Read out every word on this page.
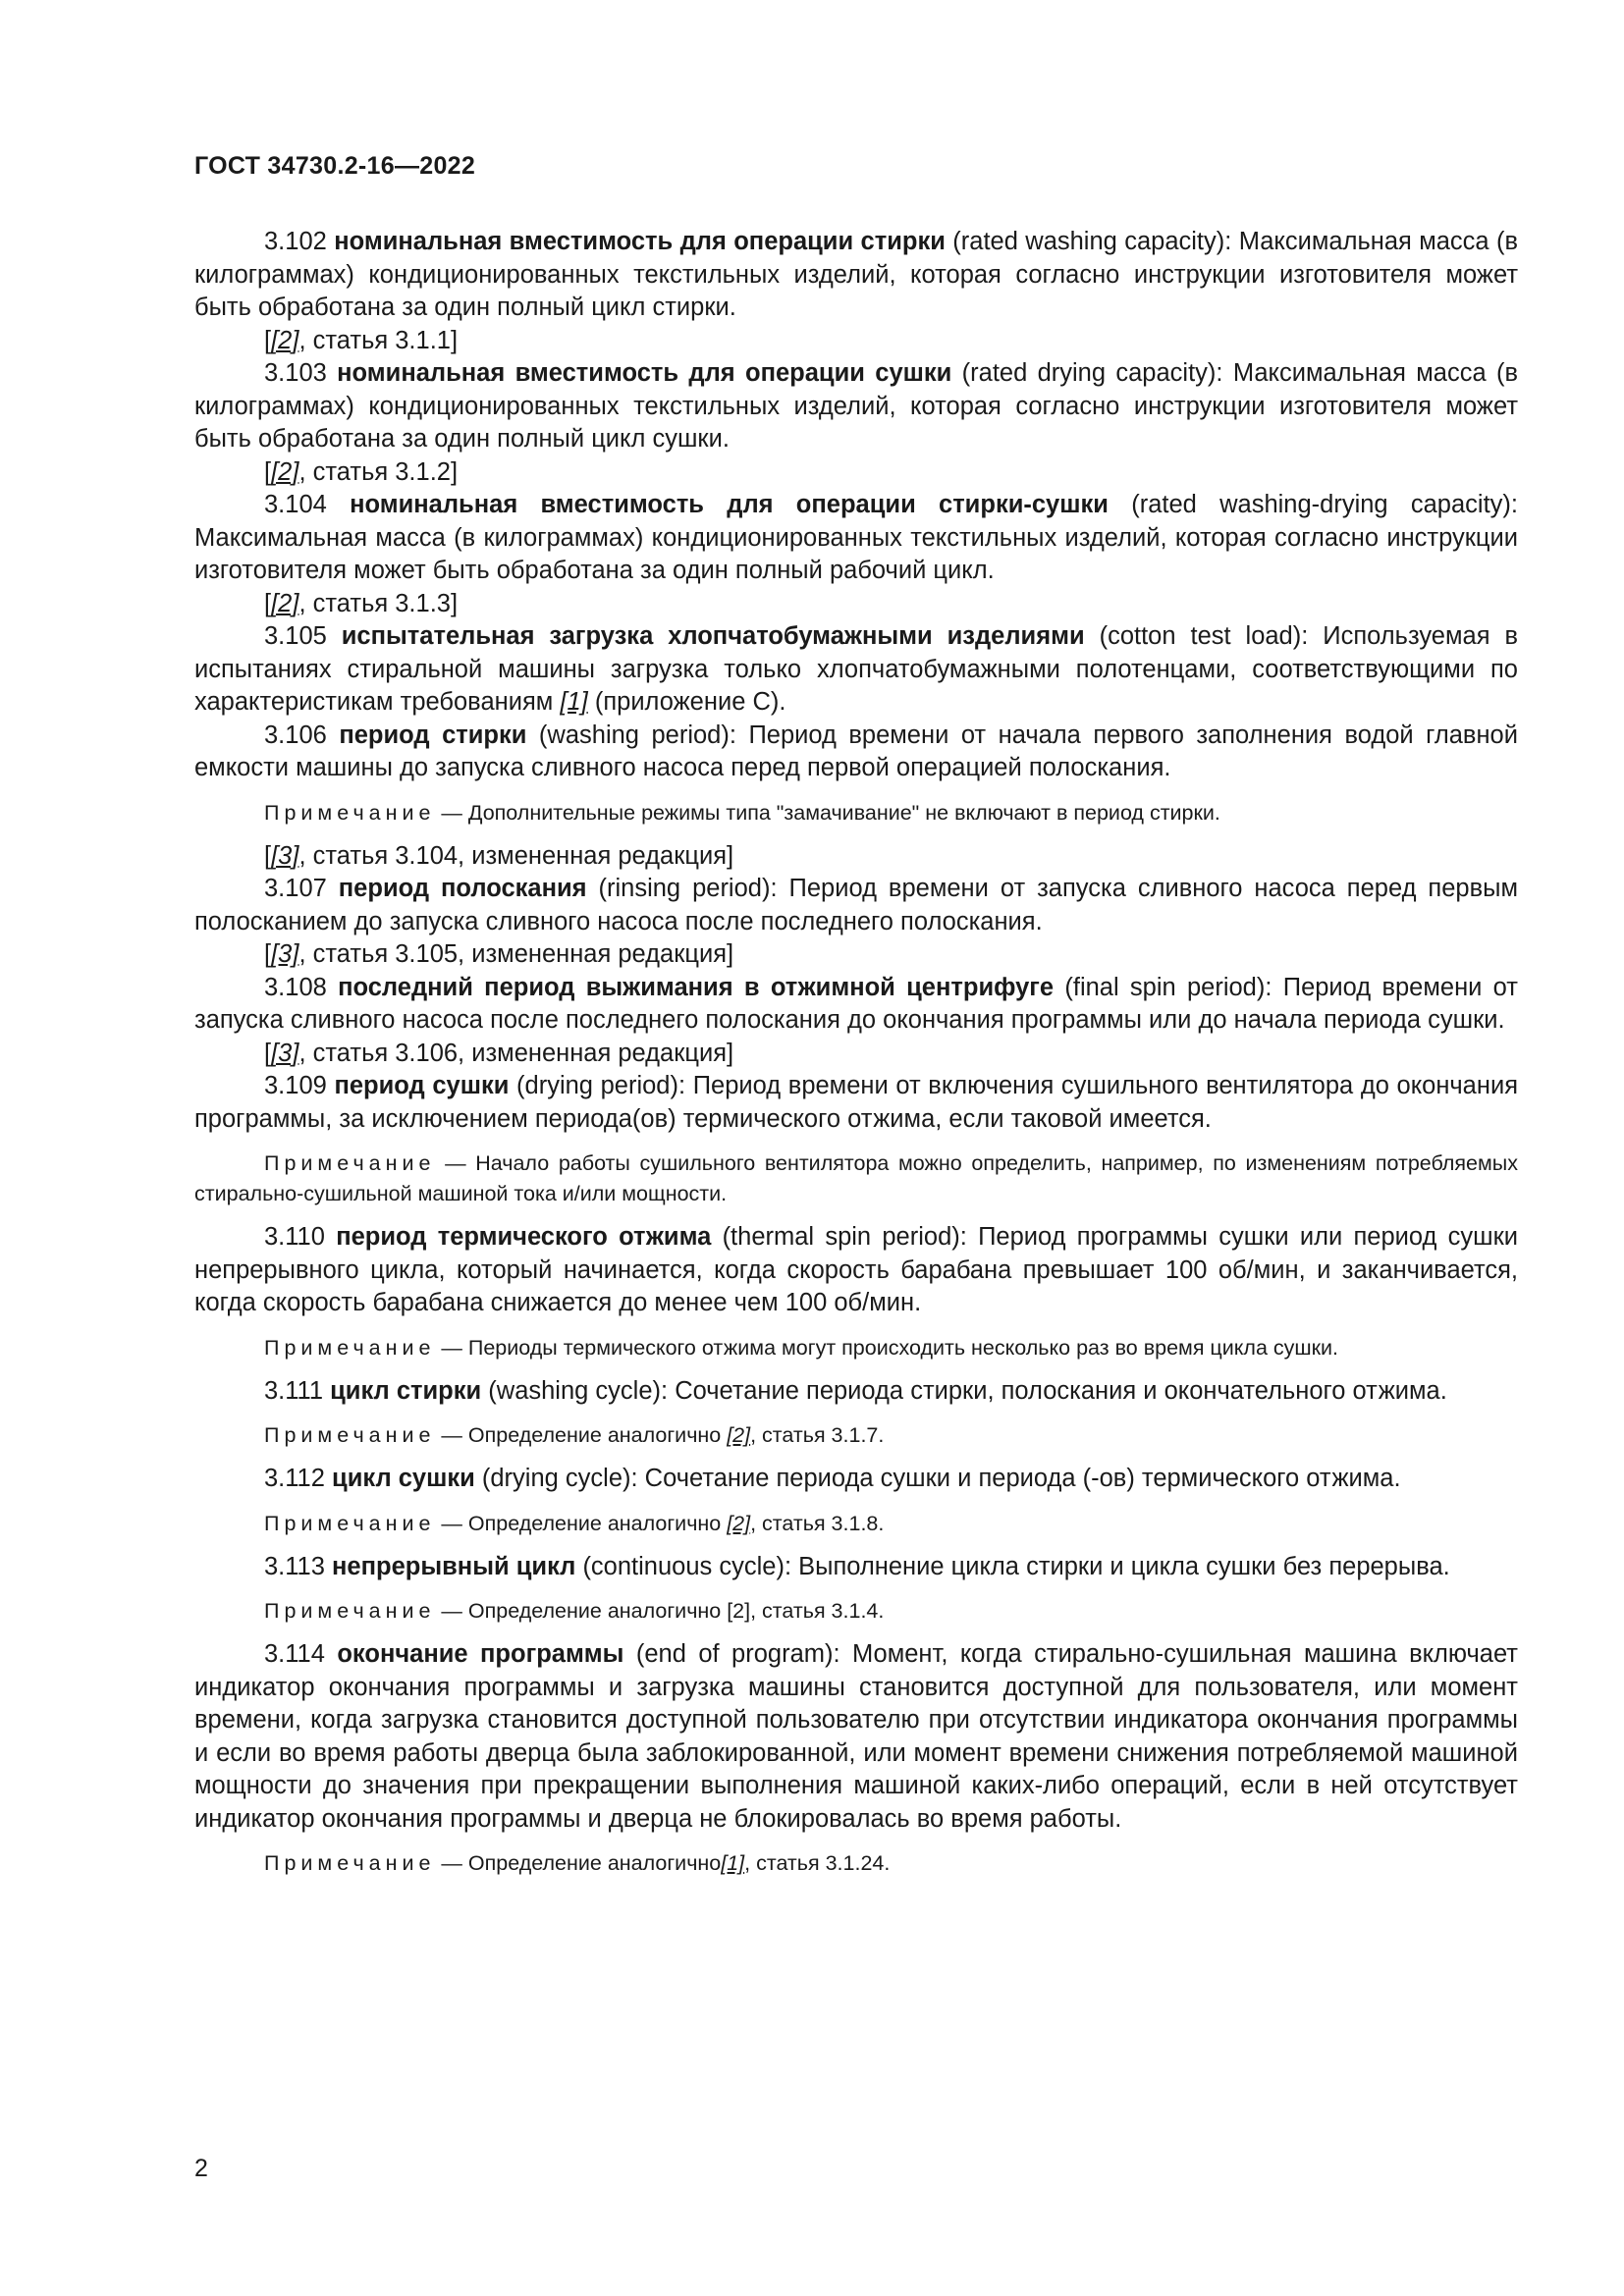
ГОСТ 34730.2-16—2022

3.102 номинальная вместимость для операции стирки (rated washing capacity): Максимальная масса (в килограммах) кондиционированных текстильных изделий, которая согласно инструкции изготовителя может быть обработана за один полный цикл стирки.

[[2], статья 3.1.1]

3.103 номинальная вместимость для операции сушки (rated drying capacity): Максимальная масса (в килограммах) кондиционированных текстильных изделий, которая согласно инструкции изготовителя может быть обработана за один полный цикл сушки.

[[2], статья 3.1.2]

3.104 номинальная вместимость для операции стирки-сушки (rated washing-drying capacity): Максимальная масса (в килограммах) кондиционированных текстильных изделий, которая согласно инструкции изготовителя может быть обработана за один полный рабочий цикл.

[[2], статья 3.1.3]

3.105 испытательная загрузка хлопчатобумажными изделиями (cotton test load): Используемая в испытаниях стиральной машины загрузка только хлопчатобумажными полотенцами, соответствующими по характеристикам требованиям [1] (приложение С).

3.106 период стирки (washing period): Период времени от начала первого заполнения водой главной емкости машины до запуска сливного насоса перед первой операцией полоскания.

Примечание — Дополнительные режимы типа "замачивание" не включают в период стирки.

[[3], статья 3.104, измененная редакция]

3.107 период полоскания (rinsing period): Период времени от запуска сливного насоса перед первым полосканием до запуска сливного насоса после последнего полоскания.

[[3], статья 3.105, измененная редакция]

3.108 последний период выжимания в отжимной центрифуге (final spin period): Период времени от запуска сливного насоса после последнего полоскания до окончания программы или до начала периода сушки.

[[3], статья 3.106, измененная редакция]

3.109 период сушки (drying period): Период времени от включения сушильного вентилятора до окончания программы, за исключением периода(ов) термического отжима, если таковой имеется.

Примечание — Начало работы сушильного вентилятора можно определить, например, по изменениям потребляемых стирально-сушильной машиной тока и/или мощности.

3.110 период термического отжима (thermal spin period): Период программы сушки или период сушки непрерывного цикла, который начинается, когда скорость барабана превышает 100 об/мин, и заканчивается, когда скорость барабана снижается до менее чем 100 об/мин.

Примечание — Периоды термического отжима могут происходить несколько раз во время цикла сушки.

3.111 цикл стирки (washing cycle): Сочетание периода стирки, полоскания и окончательного отжима.

Примечание — Определение аналогично [2], статья 3.1.7.

3.112 цикл сушки (drying cycle): Сочетание периода сушки и периода (-ов) термического отжима.

Примечание — Определение аналогично [2], статья 3.1.8.

3.113 непрерывный цикл (continuous cycle): Выполнение цикла стирки и цикла сушки без перерыва.

Примечание — Определение аналогично [2], статья 3.1.4.

3.114 окончание программы (end of program): Момент, когда стирально-сушильная машина включает индикатор окончания программы и загрузка машины становится доступной для пользователя, или момент времени, когда загрузка становится доступной пользователю при отсутствии индикатора окончания программы и если во время работы дверца была заблокированной, или момент времени снижения потребляемой машиной мощности до значения при прекращении выполнения машиной каких-либо операций, если в ней отсутствует индикатор окончания программы и дверца не блокировалась во время работы.

Примечание — Определение аналогично[1], статья 3.1.24.

2
